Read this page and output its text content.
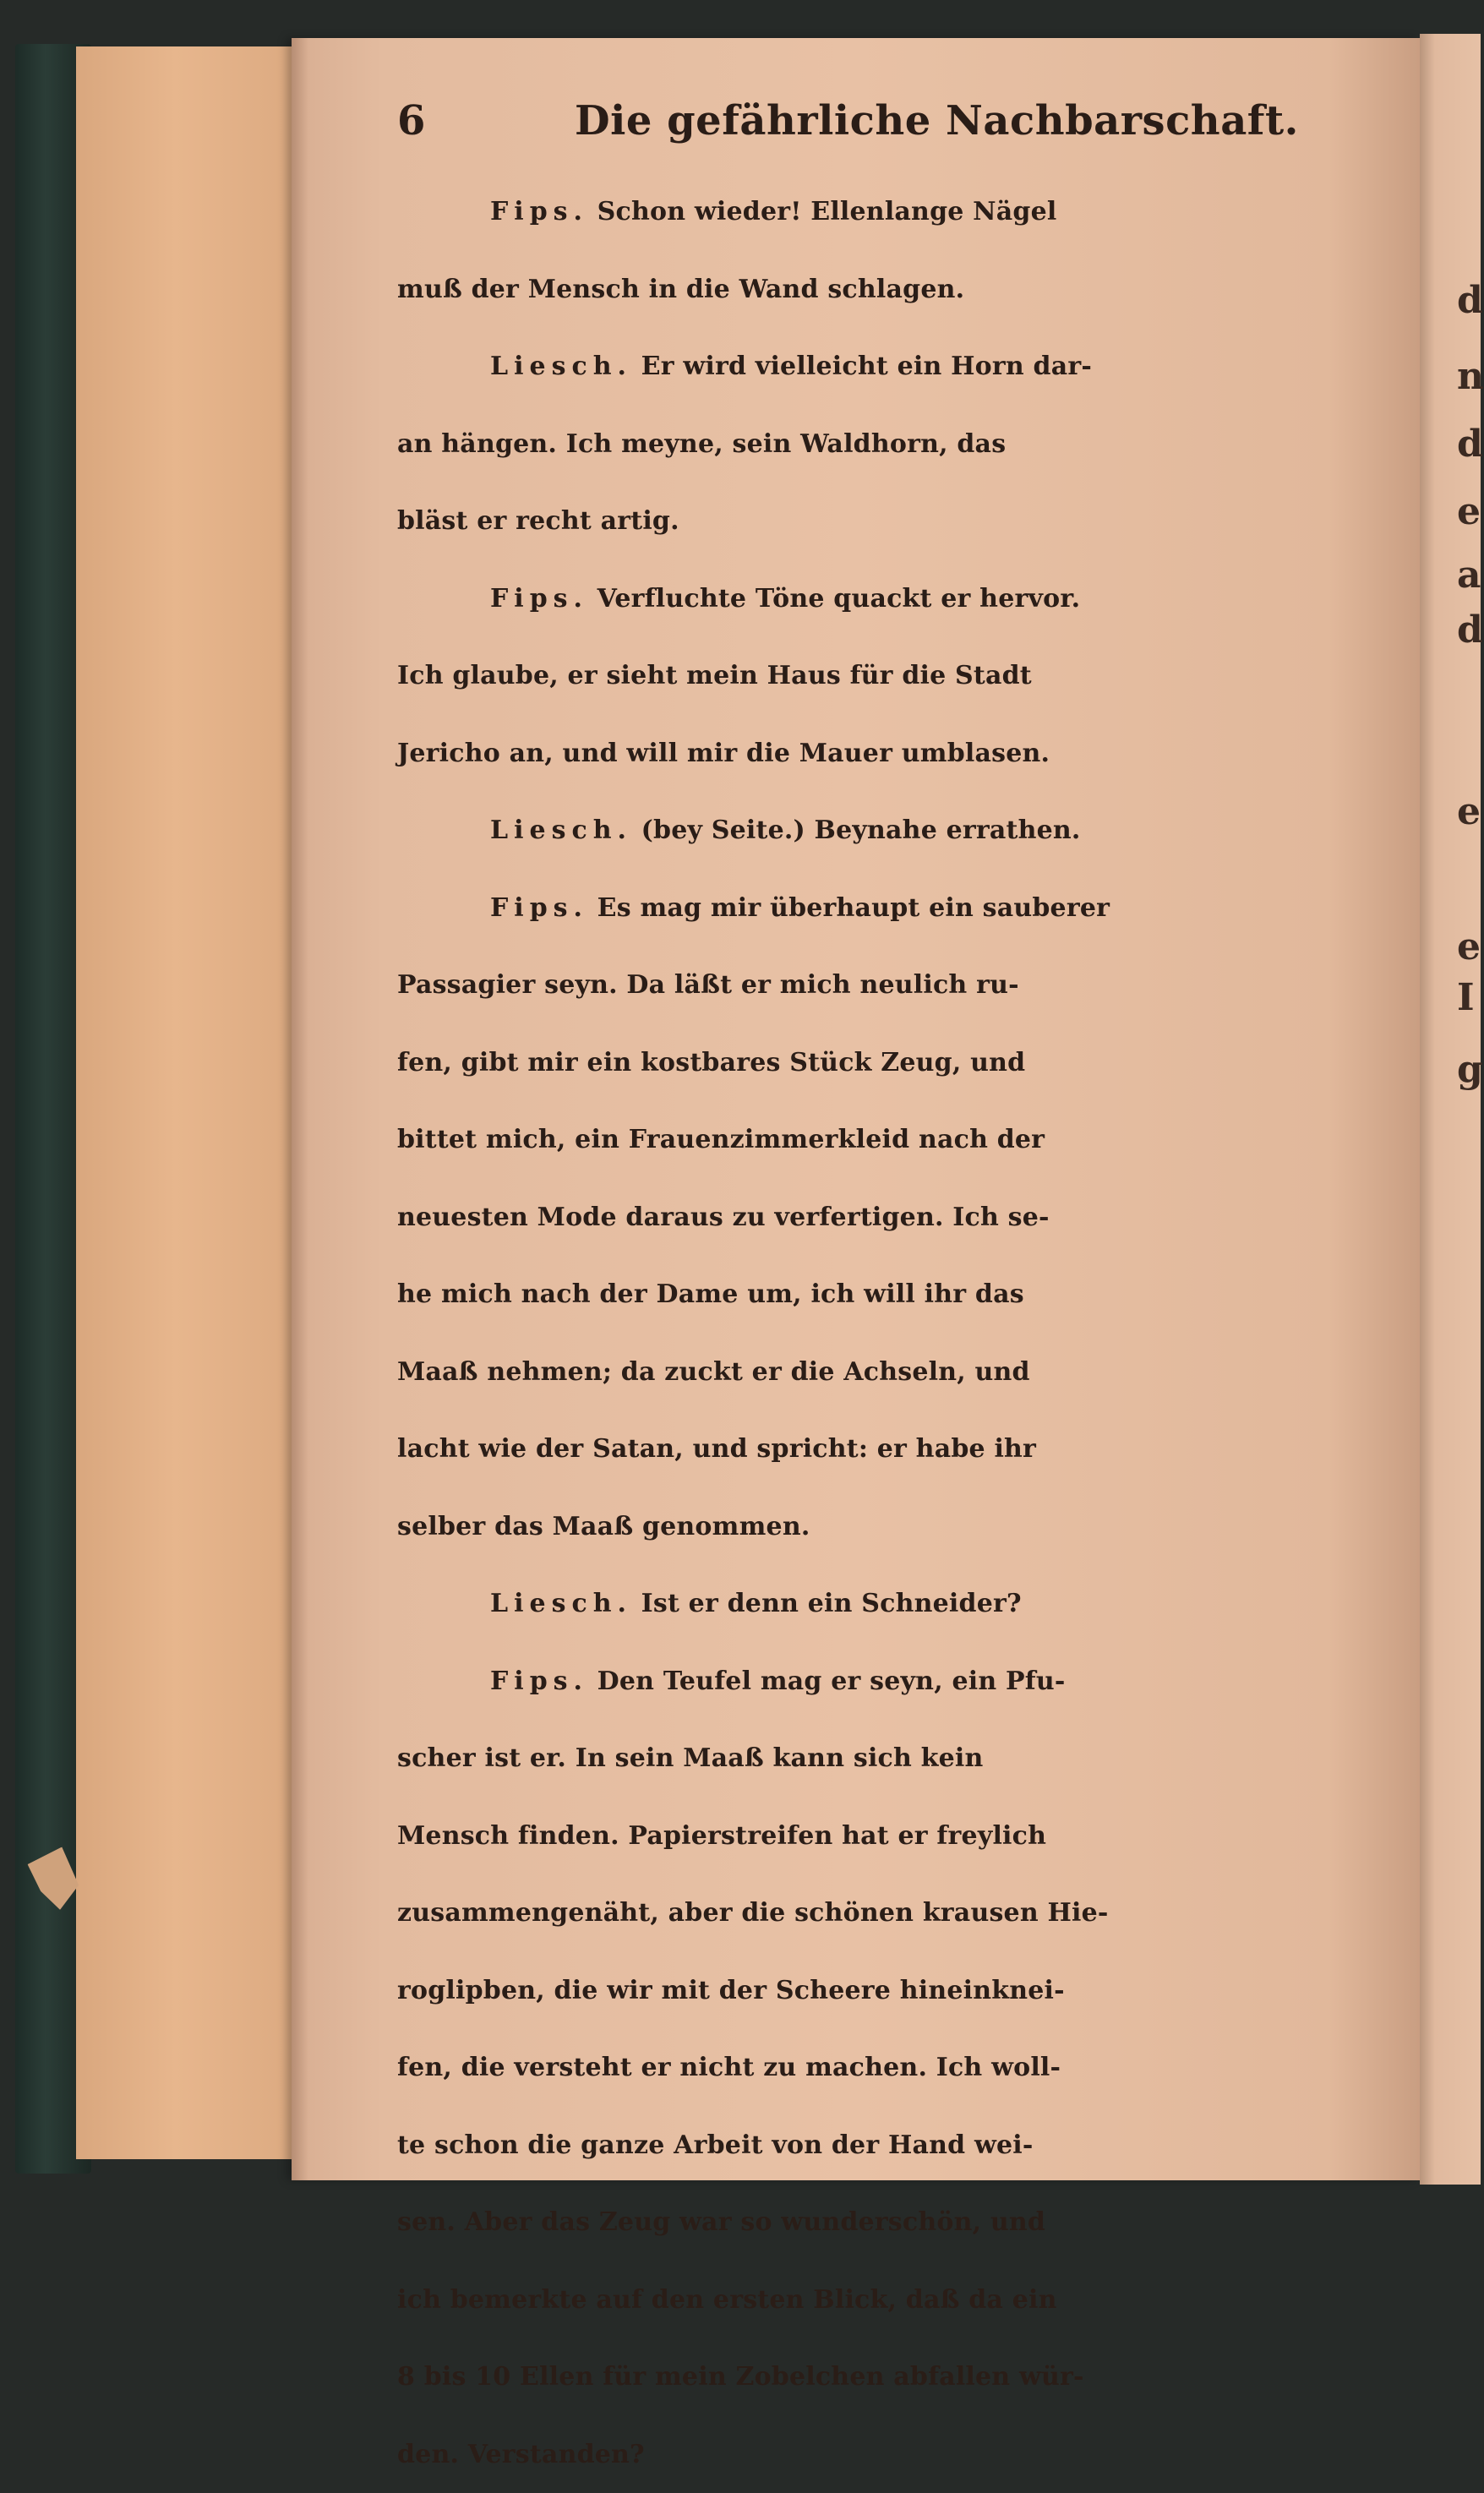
d
n
d
e
a
d
e
e
I
g
6	Die gefährliche Nachbarschaft.
Fips. Schon wieder! Ellenlange Nägel
muß der Mensch in die Wand schlagen.
Liesch. Er wird vielleicht ein Horn dar-
an hängen. Ich meyne, sein Waldhorn, das
bläst er recht artig.
Fips. Verfluchte Töne quackt er hervor.
Ich glaube, er sieht mein Haus für die Stadt
Jericho an, und will mir die Mauer umblasen.
Liesch. (bey Seite.) Beynahe errathen.
Fips. Es mag mir überhaupt ein sauberer
Passagier seyn. Da läßt er mich neulich ru-
fen, gibt mir ein kostbares Stück Zeug, und
bittet mich, ein Frauenzimmerkleid nach der
neuesten Mode daraus zu verfertigen. Ich se-
he mich nach der Dame um, ich will ihr das
Maaß nehmen; da zuckt er die Achseln, und
lacht wie der Satan, und spricht: er habe ihr
selber das Maaß genommen.
Liesch. Ist er denn ein Schneider?
Fips. Den Teufel mag er seyn, ein Pfu-
scher ist er. In sein Maaß kann sich kein
Mensch finden. Papierstreifen hat er freylich
zusammengenäht, aber die schönen krausen Hie-
roglipben, die wir mit der Scheere hineinknei-
fen, die versteht er nicht zu machen. Ich woll-
te schon die ganze Arbeit von der Hand wei-
sen. Aber das Zeug war so wunderschön, und
ich bemerkte auf den ersten Blick, daß da ein
8 bis 10 Ellen für mein Zobelchen abfallen wür-
den. Verstanden?
